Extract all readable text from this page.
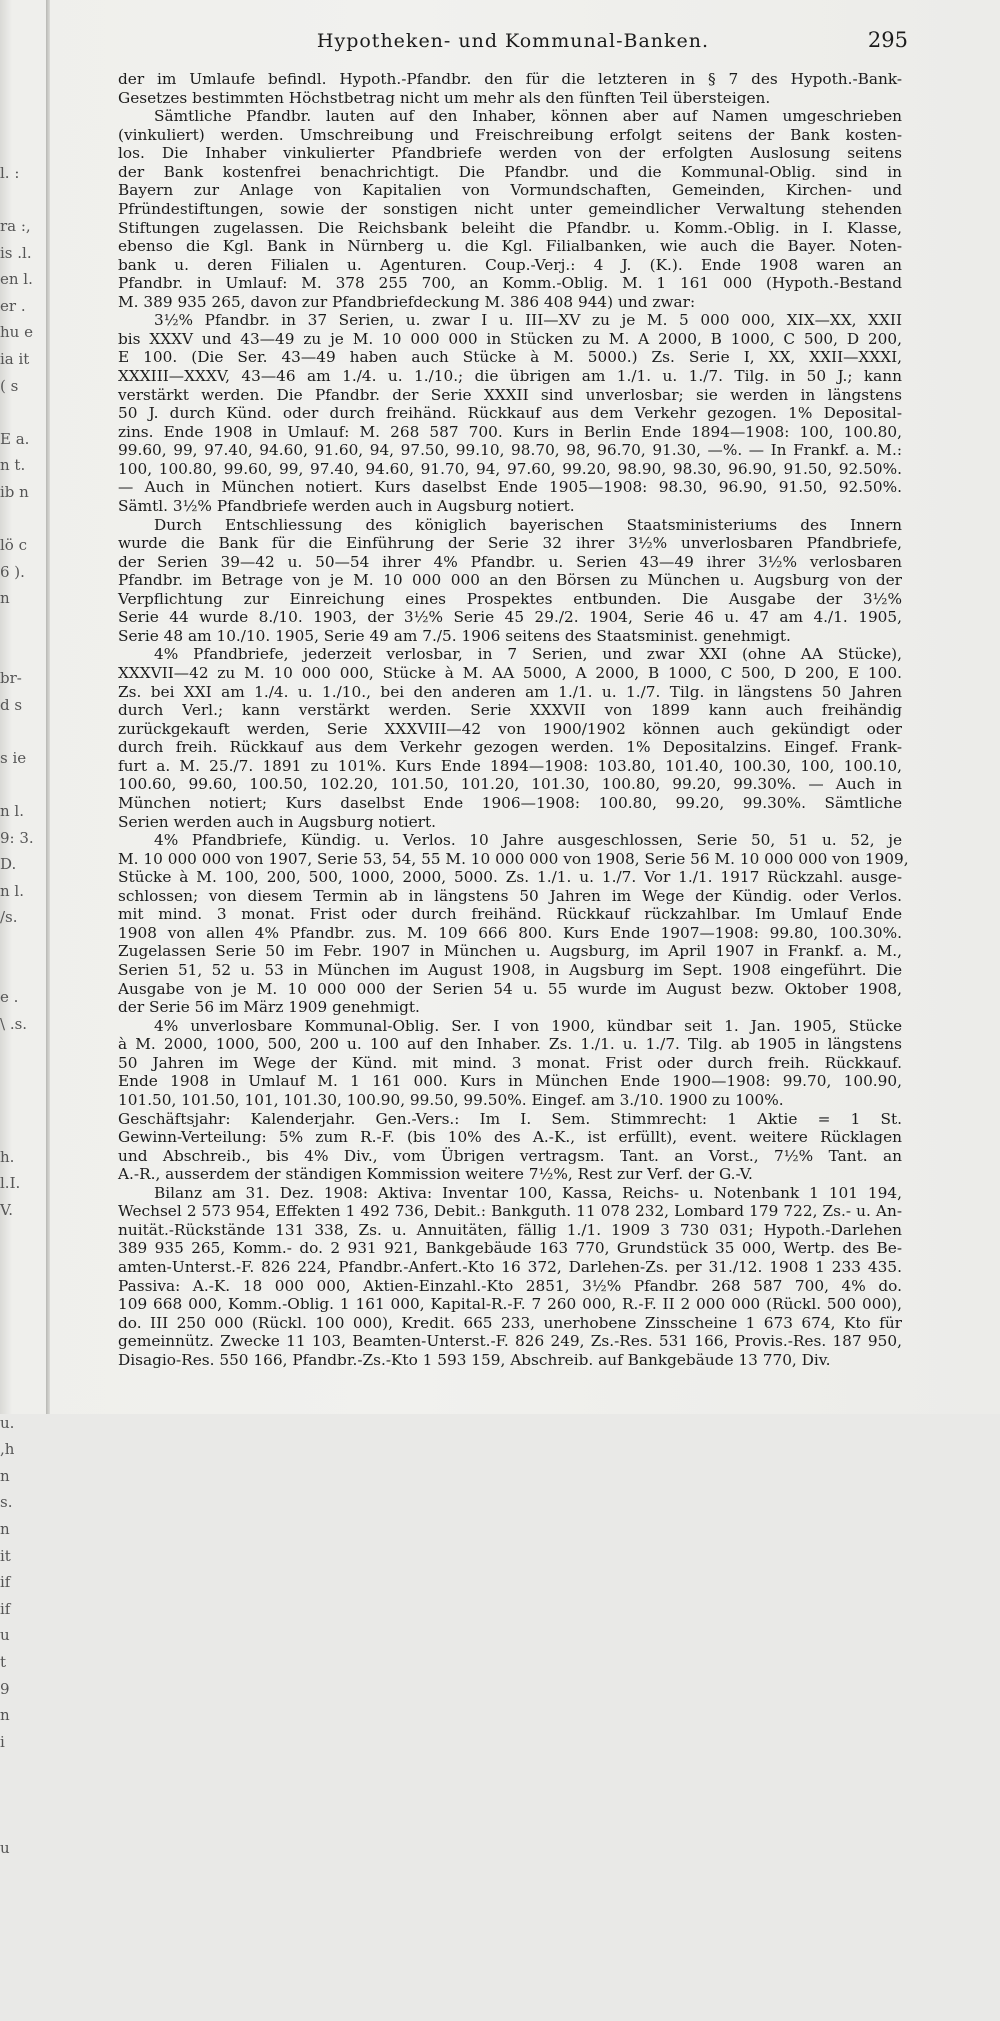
l. :
ra :,
is .l.
en l.
er .
hu e
ia it
( s
E a.
n t.
ib n
lö c
6 ).
n
br-
d s
s ie
n l.
9: 3.
D.
n l.
/s.
e .
\ .s.
h.
l.I.
V.
u.
,h
n
s.
n
it
if
if
u
t
9
n
i
u
Hypotheken- und Kommunal-Banken.	295

der im Umlaufe befindl. Hypoth.-Pfandbr. den für die letzteren in § 7 des Hypoth.-Bank-
Gesetzes bestimmten Höchstbetrag nicht um mehr als den fünften Teil übersteigen.

Sämtliche Pfandbr. lauten auf den Inhaber, können aber auf Namen umgeschrieben
(vinkuliert) werden. Umschreibung und Freischreibung erfolgt seitens der Bank kosten-
los. Die Inhaber vinkulierter Pfandbriefe werden von der erfolgten Auslosung seitens
der Bank kostenfrei benachrichtigt. Die Pfandbr. und die Kommunal-Oblig. sind in
Bayern zur Anlage von Kapitalien von Vormundschaften, Gemeinden, Kirchen- und
Pfründestiftungen, sowie der sonstigen nicht unter gemeindlicher Verwaltung stehenden
Stiftungen zugelassen. Die Reichsbank beleiht die Pfandbr. u. Komm.-Oblig. in I. Klasse,
ebenso die Kgl. Bank in Nürnberg u. die Kgl. Filialbanken, wie auch die Bayer. Noten-
bank u. deren Filialen u. Agenturen. Coup.-Verj.: 4 J. (K.). Ende 1908 waren an
Pfandbr. in Umlauf: M. 378 255 700, an Komm.-Oblig. M. 1 161 000 (Hypoth.-Bestand
M. 389 935 265, davon zur Pfandbriefdeckung M. 386 408 944) und zwar:

3½% Pfandbr. in 37 Serien, u. zwar I u. III—XV zu je M. 5 000 000, XIX—XX, XXII
bis XXXV und 43—49 zu je M. 10 000 000 in Stücken zu M. A 2000, B 1000, C 500, D 200,
E 100. (Die Ser. 43—49 haben auch Stücke à M. 5000.) Zs. Serie I, XX, XXII—XXXI,
XXXIII—XXXV, 43—46 am 1./4. u. 1./10.; die übrigen am 1./1. u. 1./7. Tilg. in 50 J.; kann
verstärkt werden. Die Pfandbr. der Serie XXXII sind unverlosbar; sie werden in längstens
50 J. durch Künd. oder durch freihänd. Rückkauf aus dem Verkehr gezogen. 1% Deposital-
zins. Ende 1908 in Umlauf: M. 268 587 700. Kurs in Berlin Ende 1894—1908: 100, 100.80,
99.60, 99, 97.40, 94.60, 91.60, 94, 97.50, 99.10, 98.70, 98, 96.70, 91.30, —%. — In Frankf. a. M.:
100, 100.80, 99.60, 99, 97.40, 94.60, 91.70, 94, 97.60, 99.20, 98.90, 98.30, 96.90, 91.50, 92.50%.
— Auch in München notiert. Kurs daselbst Ende 1905—1908: 98.30, 96.90, 91.50, 92.50%.
Sämtl. 3½% Pfandbriefe werden auch in Augsburg notiert.

Durch Entschliessung des königlich bayerischen Staatsministeriums des Innern
wurde die Bank für die Einführung der Serie 32 ihrer 3½% unverlosbaren Pfandbriefe,
der Serien 39—42 u. 50—54 ihrer 4% Pfandbr. u. Serien 43—49 ihrer 3½% verlosbaren
Pfandbr. im Betrage von je M. 10 000 000 an den Börsen zu München u. Augsburg von der
Verpflichtung zur Einreichung eines Prospektes entbunden. Die Ausgabe der 3½%
Serie 44 wurde 8./10. 1903, der 3½% Serie 45 29./2. 1904, Serie 46 u. 47 am 4./1. 1905,
Serie 48 am 10./10. 1905, Serie 49 am 7./5. 1906 seitens des Staatsminist. genehmigt.

4% Pfandbriefe, jederzeit verlosbar, in 7 Serien, und zwar XXI (ohne AA Stücke),
XXXVII—42 zu M. 10 000 000, Stücke à M. AA 5000, A 2000, B 1000, C 500, D 200, E 100.
Zs. bei XXI am 1./4. u. 1./10., bei den anderen am 1./1. u. 1./7. Tilg. in längstens 50 Jahren
durch Verl.; kann verstärkt werden. Serie XXXVII von 1899 kann auch freihändig
zurückgekauft werden, Serie XXXVIII—42 von 1900/1902 können auch gekündigt oder
durch freih. Rückkauf aus dem Verkehr gezogen werden. 1% Depositalzins. Eingef. Frank-
furt a. M. 25./7. 1891 zu 101%. Kurs Ende 1894—1908: 103.80, 101.40, 100.30, 100, 100.10,
100.60, 99.60, 100.50, 102.20, 101.50, 101.20, 101.30, 100.80, 99.20, 99.30%. — Auch in
München notiert; Kurs daselbst Ende 1906—1908: 100.80, 99.20, 99.30%. Sämtliche
Serien werden auch in Augsburg notiert.

4% Pfandbriefe, Kündig. u. Verlos. 10 Jahre ausgeschlossen, Serie 50, 51 u. 52, je
M. 10 000 000 von 1907, Serie 53, 54, 55 M. 10 000 000 von 1908, Serie 56 M. 10 000 000 von 1909,
Stücke à M. 100, 200, 500, 1000, 2000, 5000. Zs. 1./1. u. 1./7. Vor 1./1. 1917 Rückzahl. ausge-
schlossen; von diesem Termin ab in längstens 50 Jahren im Wege der Kündig. oder Verlos.
mit mind. 3 monat. Frist oder durch freihänd. Rückkauf rückzahlbar. Im Umlauf Ende
1908 von allen 4% Pfandbr. zus. M. 109 666 800. Kurs Ende 1907—1908: 99.80, 100.30%.
Zugelassen Serie 50 im Febr. 1907 in München u. Augsburg, im April 1907 in Frankf. a. M.,
Serien 51, 52 u. 53 in München im August 1908, in Augsburg im Sept. 1908 eingeführt. Die
Ausgabe von je M. 10 000 000 der Serien 54 u. 55 wurde im August bezw. Oktober 1908,
der Serie 56 im März 1909 genehmigt.

4% unverlosbare Kommunal-Oblig. Ser. I von 1900, kündbar seit 1. Jan. 1905, Stücke
à M. 2000, 1000, 500, 200 u. 100 auf den Inhaber. Zs. 1./1. u. 1./7. Tilg. ab 1905 in längstens
50 Jahren im Wege der Künd. mit mind. 3 monat. Frist oder durch freih. Rückkauf.
Ende 1908 in Umlauf M. 1 161 000. Kurs in München Ende 1900—1908: 99.70, 100.90,
101.50, 101.50, 101, 101.30, 100.90, 99.50, 99.50%. Eingef. am 3./10. 1900 zu 100%.

Geschäftsjahr: Kalenderjahr. Gen.-Vers.: Im I. Sem. Stimmrecht: 1 Aktie = 1 St.
Gewinn-Verteilung: 5% zum R.-F. (bis 10% des A.-K., ist erfüllt), event. weitere Rücklagen
und Abschreib., bis 4% Div., vom Übrigen vertragsm. Tant. an Vorst., 7½% Tant. an
A.-R., ausserdem der ständigen Kommission weitere 7½%, Rest zur Verf. der G.-V.

Bilanz am 31. Dez. 1908: Aktiva: Inventar 100, Kassa, Reichs- u. Notenbank 1 101 194,
Wechsel 2 573 954, Effekten 1 492 736, Debit.: Bankguth. 11 078 232, Lombard 179 722, Zs.- u. An-
nuität.-Rückstände 131 338, Zs. u. Annuitäten, fällig 1./1. 1909 3 730 031; Hypoth.-Darlehen
389 935 265, Komm.- do. 2 931 921, Bankgebäude 163 770, Grundstück 35 000, Wertp. des Be-
amten-Unterst.-F. 826 224, Pfandbr.-Anfert.-Kto 16 372, Darlehen-Zs. per 31./12. 1908 1 233 435.
Passiva: A.-K. 18 000 000, Aktien-Einzahl.-Kto 2851, 3½% Pfandbr. 268 587 700, 4% do.
109 668 000, Komm.-Oblig. 1 161 000, Kapital-R.-F. 7 260 000, R.-F. II 2 000 000 (Rückl. 500 000),
do. III 250 000 (Rückl. 100 000), Kredit. 665 233, unerhobene Zinsscheine 1 673 674, Kto für
gemeinnütz. Zwecke 11 103, Beamten-Unterst.-F. 826 249, Zs.-Res. 531 166, Provis.-Res. 187 950,
Disagio-Res. 550 166, Pfandbr.-Zs.-Kto 1 593 159, Abschreib. auf Bankgebäude 13 770, Div.
